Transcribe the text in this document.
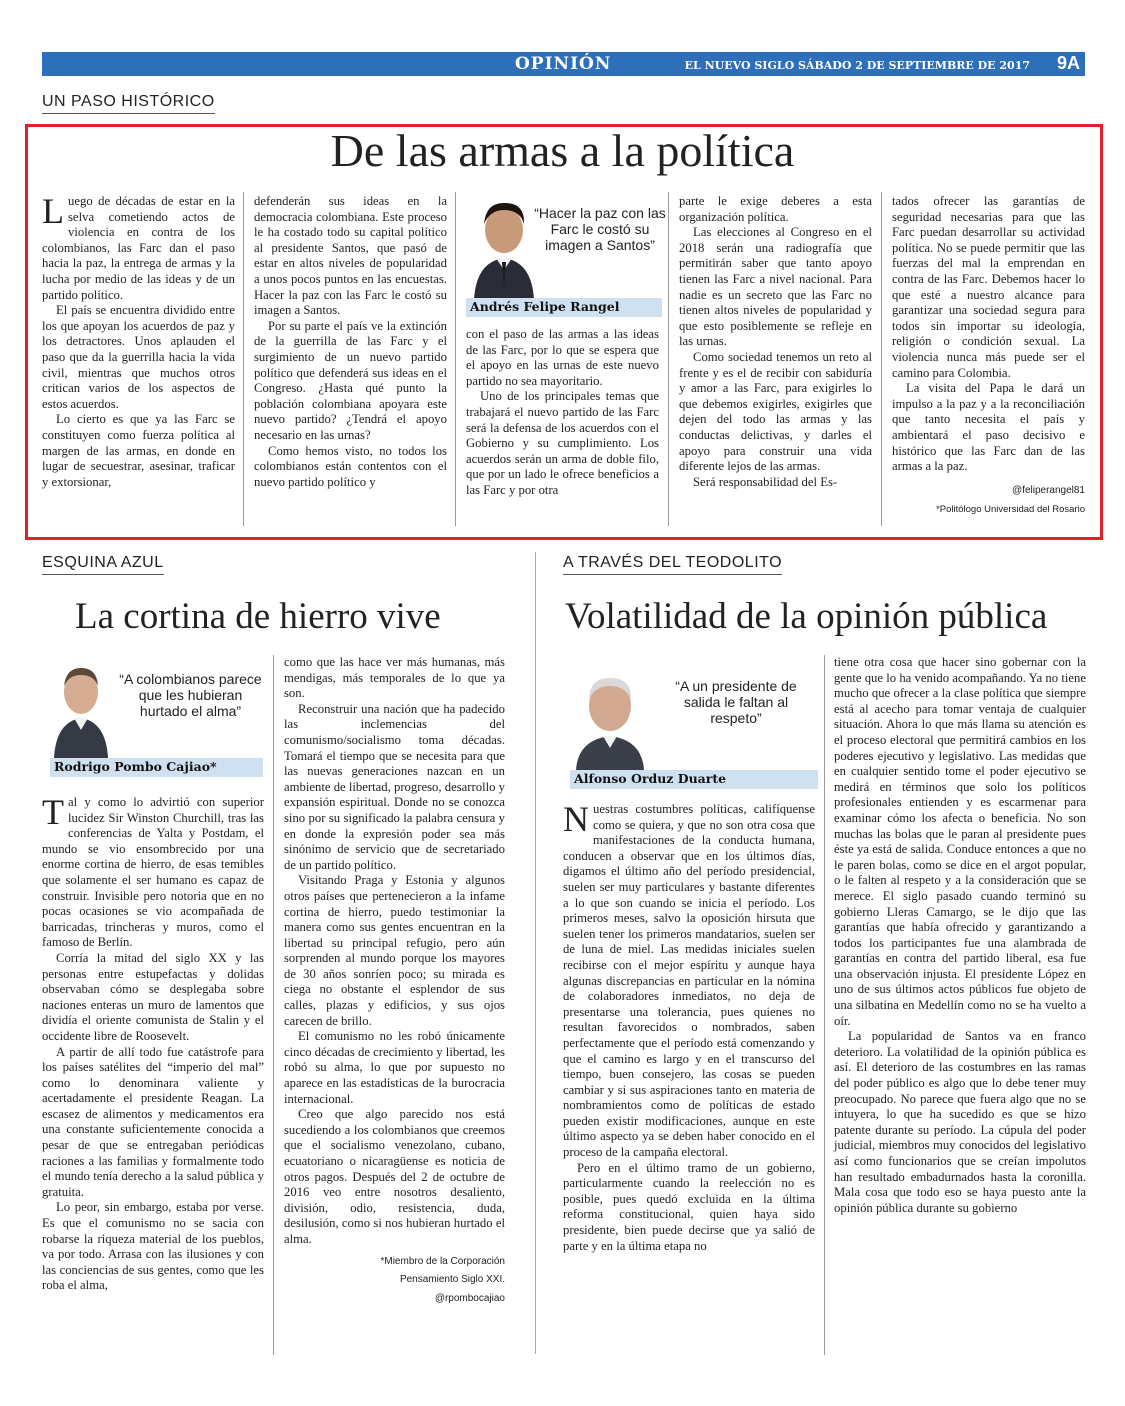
OPINIÓN	EL NUEVO SIGLO SÁBADO 2 DE SEPTIEMBRE DE 2017 9A
UN PASO HISTÓRICO
De las armas a la política
L uego de décadas de estar en la selva cometiendo actos de violencia en contra de los colombianos, las Farc dan el paso hacia la paz, la entrega de armas y la lucha por medio de las ideas y de un partido político.

El país se encuentra dividido entre los que apoyan los acuerdos de paz y los detractores. Unos aplauden el paso que da la guerrilla hacia la vida civil, mientras que muchos otros critican varios de los aspectos de estos acuerdos.

Lo cierto es que ya las Farc se constituyen como fuerza política al margen de las armas, en donde en lugar de secuestrar, asesinar, traficar y extorsionar,

defenderán sus ideas en la democracia colombiana. Este proceso le ha costado todo su capital político al presidente Santos, que pasó de estar en altos niveles de popularidad a unos pocos puntos en las encuestas. Hacer la paz con las Farc le costó su imagen a Santos.

Por su parte el país ve la extinción de la guerrilla de las Farc y el surgimiento de un nuevo partido político que defenderá sus ideas en el Congreso. ¿Hasta qué punto la población colombiana apoyara este nuevo partido? ¿Tendrá el apoyo necesario en las urnas?

Como hemos visto, no todos los colombianos están contentos con el nuevo partido político y

“Hacer la paz con las Farc le costó su imagen a Santos”
Andrés Felipe Rangel

con el paso de las armas a las ideas de las Farc, por lo que se espera que el apoyo en las urnas de este nuevo partido no sea mayoritario.

Uno de los principales temas que trabajará el nuevo partido de las Farc será la defensa de los acuerdos con el Gobierno y su cumplimiento. Los acuerdos serán un arma de doble filo, que por un lado le ofrece beneficios a las Farc y por otra

parte le exige deberes a esta organización política.

Las elecciones al Congreso en el 2018 serán una radiografía que permitirán saber que tanto apoyo tienen las Farc a nivel nacional. Para nadie es un secreto que las Farc no tienen altos niveles de popularidad y que esto posiblemente se refleje en las urnas.

Como sociedad tenemos un reto al frente y es el de recibir con sabiduría y amor a las Farc, para exigirles lo que debemos exigirles, exigirles que dejen del todo las armas y las conductas delictivas, y darles el apoyo para construir una vida diferente lejos de las armas.

Será responsabilidad del Es-

tados ofrecer las garantías de seguridad necesarias para que las Farc puedan desarrollar su actividad política. No se puede permitir que las fuerzas del mal la emprendan en contra de las Farc. Debemos hacer lo que esté a nuestro alcance para garantizar una sociedad segura para todos sin importar su ideología, religión o condición sexual. La violencia nunca más puede ser el camino para Colombia.

La visita del Papa le dará un impulso a la paz y a la reconciliación que tanto necesita el país y ambientará el paso decisivo e histórico que las Farc dan de las armas a la paz.

@feliperangel81

*Politólogo Universidad del Rosario

ESQUINA AZUL
La cortina de hierro vive
“A colombianos parece que les hubieran hurtado el alma”
Rodrigo Pombo Cajiao*
T al y como lo advirtió con superior lucidez Sir Winston Churchill, tras las conferencias de Yalta y Postdam, el mundo se vio ensombrecido por una enorme cortina de hierro, de esas temibles que solamente el ser humano es capaz de construir. Invisible pero notoria que en no pocas ocasiones se vio acompañada de barricadas, trincheras y muros, como el famoso de Berlín.

Corría la mitad del siglo XX y las personas entre estupefactas y dolidas observaban cómo se desplegaba sobre naciones enteras un muro de lamentos que dividía el oriente comunista de Stalin y el occidente libre de Roosevelt.

A partir de allí todo fue catástrofe para los países satélites del “imperio del mal” como lo denominara valiente y acertadamente el presidente Reagan. La escasez de alimentos y medicamentos era una constante suficientemente conocida a pesar de que se entregaban periódicas raciones a las familias y formalmente todo el mundo tenía derecho a la salud pública y gratuita.

Lo peor, sin embargo, estaba por verse. Es que el comunismo no se sacia con robarse la riqueza material de los pueblos, va por todo. Arrasa con las ilusiones y con las conciencias de sus gentes, como que les roba el alma,

como que las hace ver más humanas, más mendigas, más temporales de lo que ya son.

Reconstruir una nación que ha padecido las inclemencias del comunismo/socialismo toma décadas. Tomará el tiempo que se necesita para que las nuevas generaciones nazcan en un ambiente de libertad, progreso, desarrollo y expansión espiritual. Donde no se conozca sino por su significado la palabra censura y en donde la expresión poder sea más sinónimo de servicio que de secretariado de un partido político.

Visitando Praga y Estonia y algunos otros países que pertenecieron a la infame cortina de hierro, puedo testimoniar la manera como sus gentes encuentran en la libertad su principal refugio, pero aún sorprenden al mundo porque los mayores de 30 años sonríen poco; su mirada es ciega no obstante el esplendor de sus calles, plazas y edificios, y sus ojos carecen de brillo.

El comunismo no les robó únicamente cinco décadas de crecimiento y libertad, les robó su alma, lo que por supuesto no aparece en las estadísticas de la burocracia internacional.

Creo que algo parecido nos está sucediendo a los colombianos que creemos que el socialismo venezolano, cubano, ecuatoriano o nicaragüense es noticia de otros pagos. Después del 2 de octubre de 2016 veo entre nosotros desaliento, división, odio, resistencia, duda, desilusión, como si nos hubieran hurtado el alma.

*Miembro de la Corporación

Pensamiento Siglo XXI.

@rpombocajiao

A TRAVÉS DEL TEODOLITO
Volatilidad de la opinión pública
“A un presidente de salida le faltan al respeto”
Alfonso Orduz Duarte
N uestras costumbres políticas, califíquense como se quiera, y que no son otra cosa que manifestaciones de la conducta humana, conducen a observar que en los últimos días, digamos el último año del período presidencial, suelen ser muy particulares y bastante diferentes a lo que son cuando se inicia el período. Los primeros meses, salvo la oposición hirsuta que suelen tener los primeros mandatarios, suelen ser de luna de miel. Las medidas iniciales suelen recibirse con el mejor espíritu y aunque haya algunas discrepancias en particular en la nómina de colaboradores inmediatos, no deja de presentarse una tolerancia, pues quienes no resultan favorecidos o nombrados, saben perfectamente que el período está comenzando y que el camino es largo y en el transcurso del tiempo, buen consejero, las cosas se pueden cambiar y si sus aspiraciones tanto en materia de nombramientos como de políticas de estado pueden existir modificaciones, aunque en este último aspecto ya se deben haber conocido en el proceso de la campaña electoral.

Pero en el último tramo de un gobierno, particularmente cuando la reelección no es posible, pues quedó excluida en la última reforma constitucional, quien haya sido presidente, bien puede decirse que ya salió de parte y en la última etapa no

tiene otra cosa que hacer sino gobernar con la gente que lo ha venido acompañando. Ya no tiene mucho que ofrecer a la clase política que siempre está al acecho para tomar ventaja de cualquier situación. Ahora lo que más llama su atención es el proceso electoral que permitirá cambios en los poderes ejecutivo y legislativo. Las medidas que en cualquier sentido tome el poder ejecutivo se medirá en términos que solo los políticos profesionales entienden y es escarmenar para examinar cómo los afecta o beneficia. No son muchas las bolas que le paran al presidente pues éste ya está de salida. Conduce entonces a que no le paren bolas, como se dice en el argot popular, o le falten al respeto y a la consideración que se merece. El siglo pasado cuando terminó su gobierno Lleras Camargo, se le dijo que las garantías que había ofrecido y garantizando a todos los participantes fue una alambrada de garantías en contra del partido liberal, esa fue una observación injusta. El presidente López en uno de sus últimos actos públicos fue objeto de una silbatina en Medellín como no se ha vuelto a oír.

La popularidad de Santos va en franco deterioro. La volatilidad de la opinión pública es así. El deterioro de las costumbres en las ramas del poder público es algo que lo debe tener muy preocupado. No parece que fuera algo que no se intuyera, lo que ha sucedido es que se hizo patente durante su período. La cúpula del poder judicial, miembros muy conocidos del legislativo así como funcionarios que se creían impolutos han resultado embadurnados hasta la coronilla. Mala cosa que todo eso se haya puesto ante la opinión pública durante su gobierno
